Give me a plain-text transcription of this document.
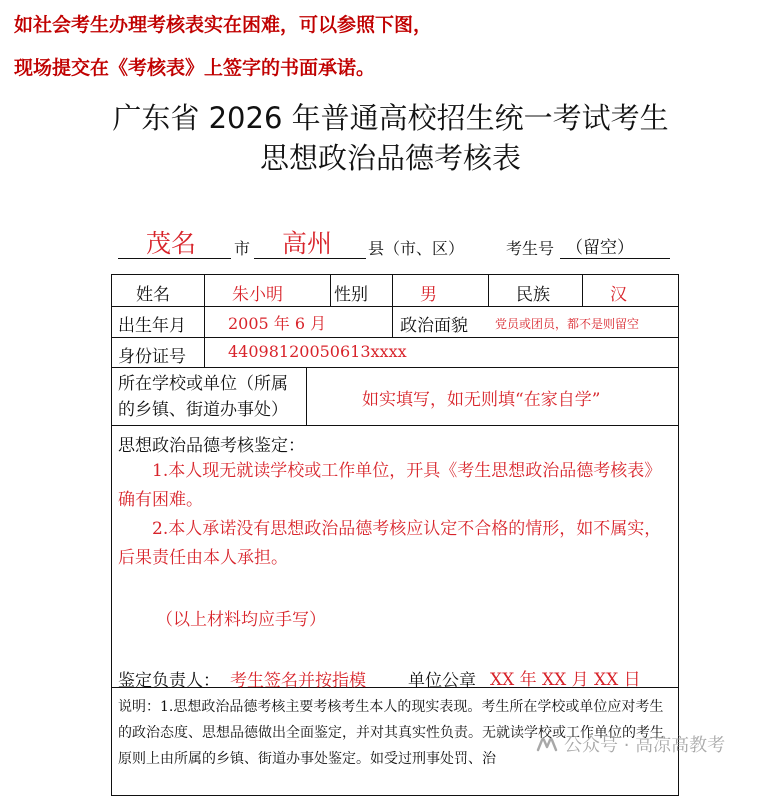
如社会考生办理考核表实在困难，可以参照下图，
现场提交在《考核表》上签字的书面承诺。
广东省 2026 年普通高校招生统一考试考生
思想政治品德考核表
茂名 市 高州 县（市、区）	考生号 （留空）
姓名	朱小明	性别	男	民族	汉
出生年月	2005 年 6 月	政治面貌 党员或团员，都不是则留空
身份证号	44098120050613xxxx
所在学校或单位（所属
的乡镇、街道办事处）	如实填写，如无则填“在家自学”
思想政治品德考核鉴定：
1.本人现无就读学校或工作单位，开具《考生思想政治品德考核表》确有困难。
2.本人承诺没有思想政治品德考核应认定不合格的情形，如不属实，后果责任由本人承担。
（以上材料均应手写）
鉴定负责人： 考生签名并按指模 单位公章 XX 年 XX 月 XX 日
说明：1.思想政治品德考核主要考核考生本人的现实表现。考生所在学校或单位应对考生的政治态度、思想品德做出全面鉴定，并对其真实性负责。无就读学校或工作单位的考生原则上由所属的乡镇、街道办事处鉴定。如受过刑事处罚、治
公众号 · 高凉高教考
